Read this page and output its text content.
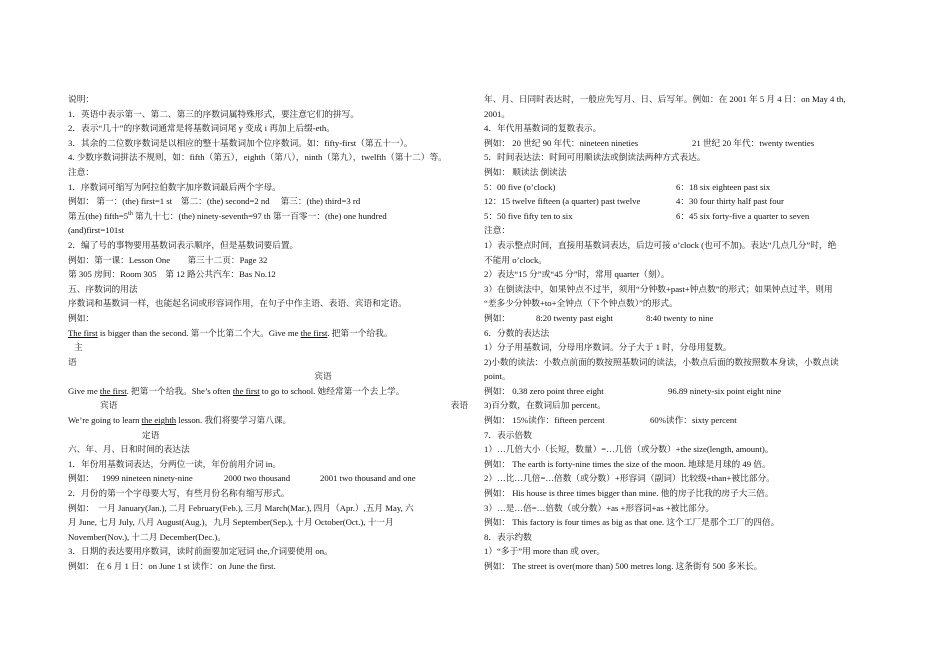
说明：
1．英语中表示第一、第二、第三的序数词属特殊形式，要注意它们的拼写。
2．表示“几十”的序数词通常是将基数词词尾 y 变成 i 再加上后缀-eth。
3．其余的二位数序数词是以相应的整十基数词加个位序数词。如：fifty-first（第五十一）。
4. 少数序数词拼法不规则，如：fifth（第五），eighth（第八），ninth（第九），twelfth（第十二）等。
注意：
1．序数词可缩写为阿拉伯数字加序数词最后两个字母。
例如： 第一：(the) first=1 st　第二：(the) second=2 nd　 第三：(the) third=3 rd
第五(the) fifth=5th 第九十七：(the) ninety-seventh=97 th 第一百零一：(the) one hundred
(and)first=101st
2．编了号的事物要用基数词表示顺序，但是基数词要后置。
例如：第一课：Lesson One　　第三十二页：Page 32
第 305 房间：Room 305　第 12 路公共汽车：Bas No.12
五、序数词的用法
序数词和基数词一样，也能起名词或形容词作用，在句子中作主语、表语、宾语和定语。
例如：
The first is bigger than the second. 第一个比第二个大。Give me the first. 把第一个给我。
主
语
宾语
Give me the first. 把第一个给我。She’s often the first to go to school. 她经常第一个去上学。
宾语	表语
We’re going to learn the eighth lesson. 我们将要学习第八课。
定语
六、年、月、日和时间的表达法
1．年份用基数词表达，分两位一读，年份前用介词 in。
例如： 1999 nineteen ninety-nine	2000 two thousand	2001 two thousand and one
2．月份的第一个字母要大写，有些月份名称有缩写形式。
例如：　一月 January(Jan.), 二月 February(Feb.), 三月 March(Mar.), 四月（Apr.）,五月 May, 六
月 June, 七月 July, 八月 August(Aug.)，九月 September(Sep.), 十月 October(Oct.), 十一月
November(Nov.), 十二月 December(Dec.)。
3．日期的表达要用序数词，读时前面要加定冠词 the,介词要使用 on。
例如： 在 6 月 1 日：on June 1 st 读作：on June the first.
年、月、日同时表达时，一般应先写月、日、后写年。例如：在 2001 年 5 月 4 日：on May 4 th,
2001。
4．年代用基数词的复数表示。
例如： 20 世纪 90 年代：nineteen nineties	21 世纪 20 年代：twenty twenties
5．时间表达法：时间可用顺读法或倒读法两种方式表达。
例如： 顺读法 倒读法
5：00 five (o’clock)	6：18 six eighteen past six
12：15 twelve fifteen (a quarter) past twelve	4：30 four thirty half past four
5：50 five fifty ten to six	6：45 six forty-five a quarter to seven
注意：
1）表示整点时间，直接用基数词表达，后边可接 o’clock (也可不加)。表达“几点几分”时，绝
不能用 o’clock。
2）表达“15 分”或“45 分”时，常用 quarter（刻）。
3）在倒读法中，如果钟点不过半，须用“分钟数+past+钟点数”的形式；如果钟点过半，则用
“差多少分钟数+to+全钟点（下个钟点数）”的形式。
例如：	8:20 twenty past eight	8:40 twenty to nine
6．分数的表达法
1）分子用基数词，分母用序数词。分子大于 1 时，分母用复数。
2)小数的读法：小数点前面的数按照基数词的读法，小数点后面的数按照数本身读，小数点读
point。
例如： 0.38 zero point three eight	96.89 ninety-six point eight nine
3)百分数，在数词后加 percent。
例如： 15%读作：fifteen percent	60%读作：sixty percent
7．表示倍数
1）…几倍大小（长短，数量）=…几倍（或分数）+the size(length, amount)。
例如： The earth is forty-nine times the size of the moon. 地球是月球的 49 倍。
2）…比…几倍=…倍数（或分数）+形容词（副词）比较级+than+被比部分。
例如： His house is three times bigger than mine. 他的房子比我的房子大三倍。
3）…是…倍=…倍数（或分数）+as +形容词+as +被比部分。
例如： This factory is four times as big as that one. 这个工厂是那个工厂的四倍。
8．表示约数
1）“多于”用 more than 或 over。
例如： The street is over(more than) 500 metres long. 这条街有 500 多米长。
